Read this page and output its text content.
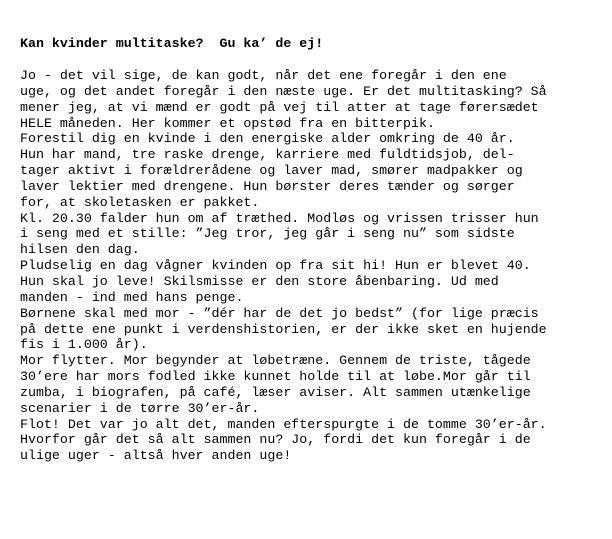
Kan kvinder multitaske?  Gu ka’ de ej!
Jo - det vil sige, de kan godt, når det ene foregår i den ene
uge, og det andet foregår i den næste uge. Er det multitasking? Så
mener jeg, at vi mænd er godt på vej til atter at tage førersædet
HELE måneden. Her kommer et opstød fra en bitterpik.
Forestil dig en kvinde i den energiske alder omkring de 40 år.
Hun har mand, tre raske drenge, karriere med fuldtidsjob, del-
tager aktivt i forældrerådene og laver mad, smører madpakker og
laver lektier med drengene. Hun børster deres tænder og sørger
for, at skoletasken er pakket.
Kl. 20.30 falder hun om af træthed. Modløs og vrissen trisser hun
i seng med et stille: ”Jeg tror, jeg går i seng nu” som sidste
hilsen den dag.
Pludselig en dag vågner kvinden op fra sit hi! Hun er blevet 40.
Hun skal jo leve! Skilsmisse er den store åbenbaring. Ud med
manden - ind med hans penge.
Børnene skal med mor - ”dér har de det jo bedst” (for lige præcis
på dette ene punkt i verdenshistorien, er der ikke sket en hujende
fis i 1.000 år).
Mor flytter. Mor begynder at løbetræne. Gennem de triste, tågede
30’ere har mors fodled ikke kunnet holde til at løbe.Mor går til
zumba, i biografen, på café, læser aviser. Alt sammen utænkelige
scenarier i de tørre 30’er-år.
Flot! Det var jo alt det, manden efterspurgte i de tomme 30’er-år.
Hvorfor går det så alt sammen nu? Jo, fordi det kun foregår i de
ulige uger - altså hver anden uge!
